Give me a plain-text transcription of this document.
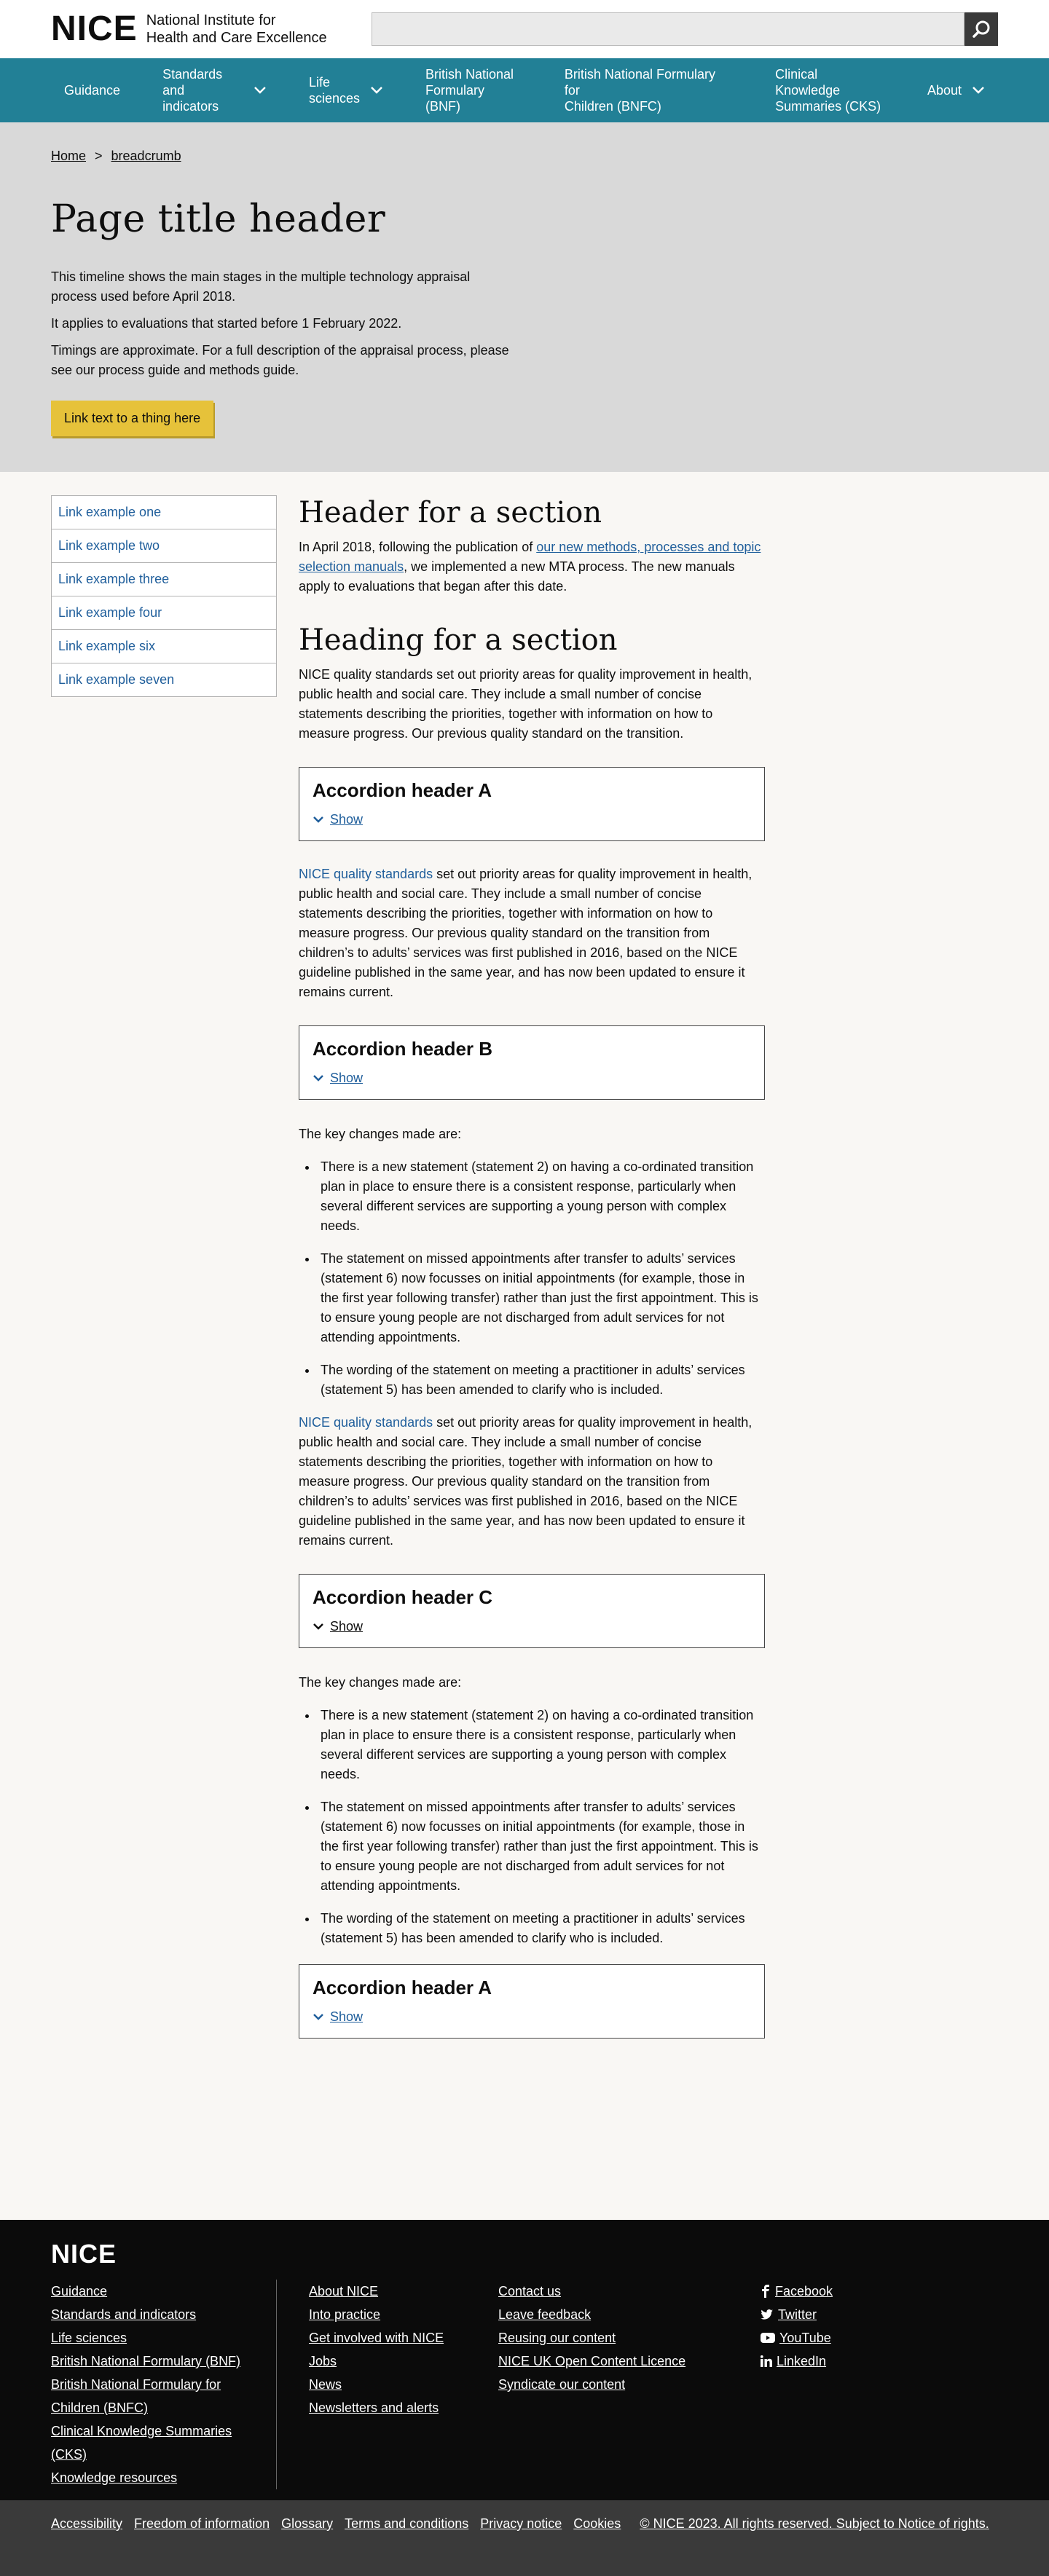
NICE National Institute for
Health and Care Excellence
Guidance
Standards
and indicators
Life
sciences
British National
Formulary (BNF)
British National Formulary for
Children (BNFC)
Clinical Knowledge
Summaries (CKS)
About
Home > breadcrumb
Page title header

This timeline shows the main stages in the multiple technology appraisal process used before April 2018.

It applies to evaluations that started before 1 February 2022.

Timings are approximate. For a full description of the appraisal process, please see our process guide and methods guide.

Link text to a thing here
Link example one
Link example two
Link example three
Link example four
Link example six
Link example seven
Header for a section

In April 2018, following the publication of our new methods, processes and topic selection manuals, we implemented a new MTA process. The new manuals apply to evaluations that began after this date.

Heading for a section

NICE quality standards set out priority areas for quality improvement in health, public health and social care. They include a small number of concise statements describing the priorities, together with information on how to measure progress. Our previous quality standard on the transition.

Accordion header A
Show

NICE quality standards set out priority areas for quality improvement in health, public health and social care. They include a small number of concise statements describing the priorities, together with information on how to measure progress. Our previous quality standard on the transition from children’s to adults’ services was first published in 2016, based on the NICE guideline published in the same year, and has now been updated to ensure it remains current.

Accordion header B
Show

The key changes made are:

• There is a new statement (statement 2) on having a co-ordinated transition plan in place to ensure there is a consistent response, particularly when several different services are supporting a young person with complex needs.
• The statement on missed appointments after transfer to adults’ services (statement 6) now focusses on initial appointments (for example, those in the first year following transfer) rather than just the first appointment. This is to ensure young people are not discharged from adult services for not attending appointments.
• The wording of the statement on meeting a practitioner in adults’ services (statement 5) has been amended to clarify who is included.

NICE quality standards set out priority areas for quality improvement in health, public health and social care. They include a small number of concise statements describing the priorities, together with information on how to measure progress. Our previous quality standard on the transition from children’s to adults’ services was first published in 2016, based on the NICE guideline published in the same year, and has now been updated to ensure it remains current.

Accordion header C
Show

The key changes made are:

• There is a new statement (statement 2) on having a co-ordinated transition plan in place to ensure there is a consistent response, particularly when several different services are supporting a young person with complex needs.
• The statement on missed appointments after transfer to adults’ services (statement 6) now focusses on initial appointments (for example, those in the first year following transfer) rather than just the first appointment. This is to ensure young people are not discharged from adult services for not attending appointments.
• The wording of the statement on meeting a practitioner in adults’ services (statement 5) has been amended to clarify who is included.
Accordion header A
Show
NICE
Guidance
Standards and indicators
Life sciences
British National Formulary (BNF)
British National Formulary for Children (BNFC)
Clinical Knowledge Summaries (CKS)
Knowledge resources
About NICE
Into practice
Get involved with NICE
Jobs
News
Newsletters and alerts
Contact us
Leave feedback
Reusing our content
NICE UK Open Content Licence
Syndicate our content
Facebook
Twitter
YouTube
LinkedIn
Accessibility Freedom of information Glossary Terms and conditions Privacy notice Cookies © NICE 2023. All rights reserved. Subject to Notice of rights.
